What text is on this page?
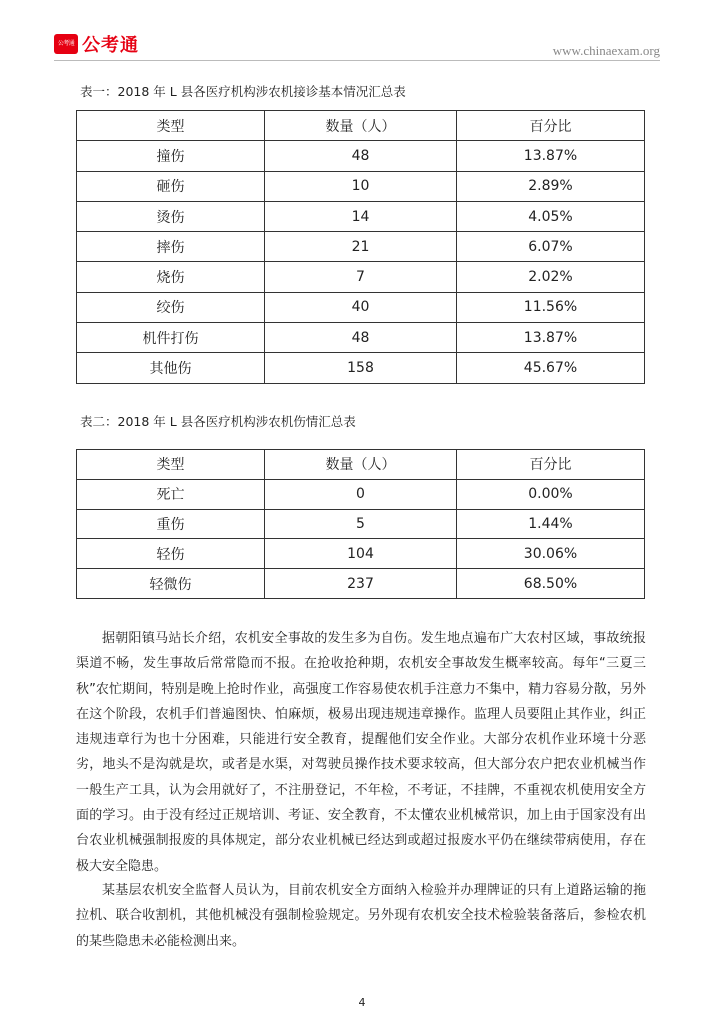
公考通 公考通	www.chinaexam.org
表一：2018 年 L 县各医疗机构涉农机接诊基本情况汇总表
类型	数量（人）	百分比
撞伤	48	13.87%
砸伤	10	2.89%
烫伤	14	4.05%
摔伤	21	6.07%
烧伤	7	2.02%
绞伤	40	11.56%
机件打伤	48	13.87%
其他伤	158	45.67%
表二：2018 年 L 县各医疗机构涉农机伤情汇总表
类型	数量（人）	百分比
死亡	0	0.00%
重伤	5	1.44%
轻伤	104	30.06%
轻微伤	237	68.50%

据朝阳镇马站长介绍，农机安全事故的发生多为自伤。发生地点遍布广大农村区域，事故统报渠道不畅，发生事故后常常隐而不报。在抢收抢种期，农机安全事故发生概率较高。每年“三夏三秋”农忙期间，特别是晚上抢时作业，高强度工作容易使农机手注意力不集中，精力容易分散，另外在这个阶段，农机手们普遍图快、怕麻烦，极易出现违规违章操作。监理人员要阻止其作业，纠正违规违章行为也十分困难，只能进行安全教育，提醒他们安全作业。大部分农机作业环境十分恶劣，地头不是沟就是坎，或者是水渠，对驾驶员操作技术要求较高，但大部分农户把农业机械当作一般生产工具，认为会用就好了，不注册登记，不年检，不考证，不挂牌，不重视农机使用安全方面的学习。由于没有经过正规培训、考证、安全教育，不太懂农业机械常识，加上由于国家没有出台农业机械强制报废的具体规定，部分农业机械已经达到或超过报废水平仍在继续带病使用，存在极大安全隐患。

某基层农机安全监督人员认为，目前农机安全方面纳入检验并办理牌证的只有上道路运输的拖拉机、联合收割机，其他机械没有强制检验规定。另外现有农机安全技术检验装备落后，参检农机的某些隐患未必能检测出来。

4
